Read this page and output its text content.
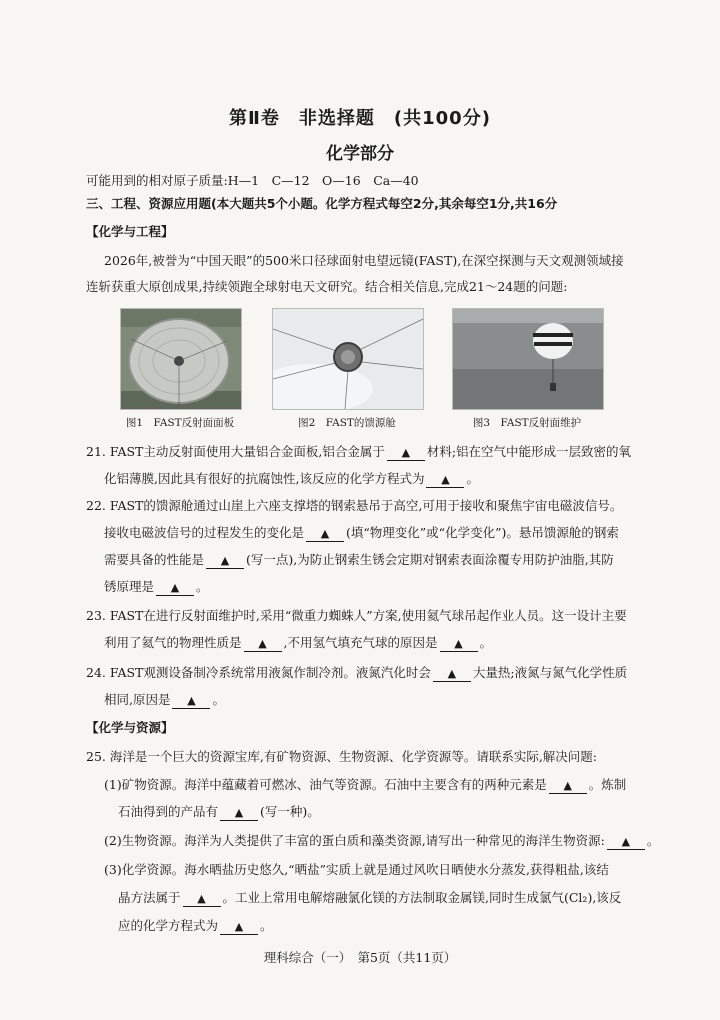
第Ⅱ卷　非选择题　(共100分)
化学部分
可能用到的相对原子质量:H—1　C—12　O—16　Ca—40
三、工程、资源应用题(本大题共5个小题。化学方程式每空2分,其余每空1分,共16分
【化学与工程】
2026年,被誉为“中国天眼”的500米口径球面射电望远镜(FAST),在深空探测与天文观测领域接
连斩获重大原创成果,持续领跑全球射电天文研究。结合相关信息,完成21～24题的问题:
图1　FAST反射面面板	图2　FAST的馈源舱	图3　FAST反射面维护
21. FAST主动反射面使用大量铝合金面板,铝合金属于 ▲ 材料;铝在空气中能形成一层致密的氧
化铝薄膜,因此具有很好的抗腐蚀性,该反应的化学方程式为 ▲ 。
22. FAST的馈源舱通过山崖上六座支撑塔的钢索悬吊于高空,可用于接收和聚焦宇宙电磁波信号。
接收电磁波信号的过程发生的变化是 ▲ (填“物理变化”或“化学变化”)。悬吊馈源舱的钢索
需要具备的性能是 ▲ (写一点),为防止钢索生锈会定期对钢索表面涂覆专用防护油脂,其防
锈原理是 ▲ 。
23. FAST在进行反射面维护时,采用“微重力蜘蛛人”方案,使用氦气球吊起作业人员。这一设计主要
利用了氦气的物理性质是 ▲ ,不用氢气填充气球的原因是 ▲ 。
24. FAST观测设备制冷系统常用液氮作制冷剂。液氮汽化时会 ▲ 大量热;液氮与氮气化学性质
相同,原因是 ▲ 。
【化学与资源】
25. 海洋是一个巨大的资源宝库,有矿物资源、生物资源、化学资源等。请联系实际,解决问题:
(1)矿物资源。海洋中蕴藏着可燃冰、油气等资源。石油中主要含有的两种元素是 ▲ 。炼制
石油得到的产品有 ▲ (写一种)。
(2)生物资源。海洋为人类提供了丰富的蛋白质和藻类资源,请写出一种常见的海洋生物资源: ▲ 。
(3)化学资源。海水晒盐历史悠久,“晒盐”实质上就是通过风吹日晒使水分蒸发,获得粗盐,该结
晶方法属于 ▲ 。工业上常用电解熔融氯化镁的方法制取金属镁,同时生成氯气(Cl₂),该反
应的化学方程式为 ▲ 。
理科综合（一）　第5页（共11页）
